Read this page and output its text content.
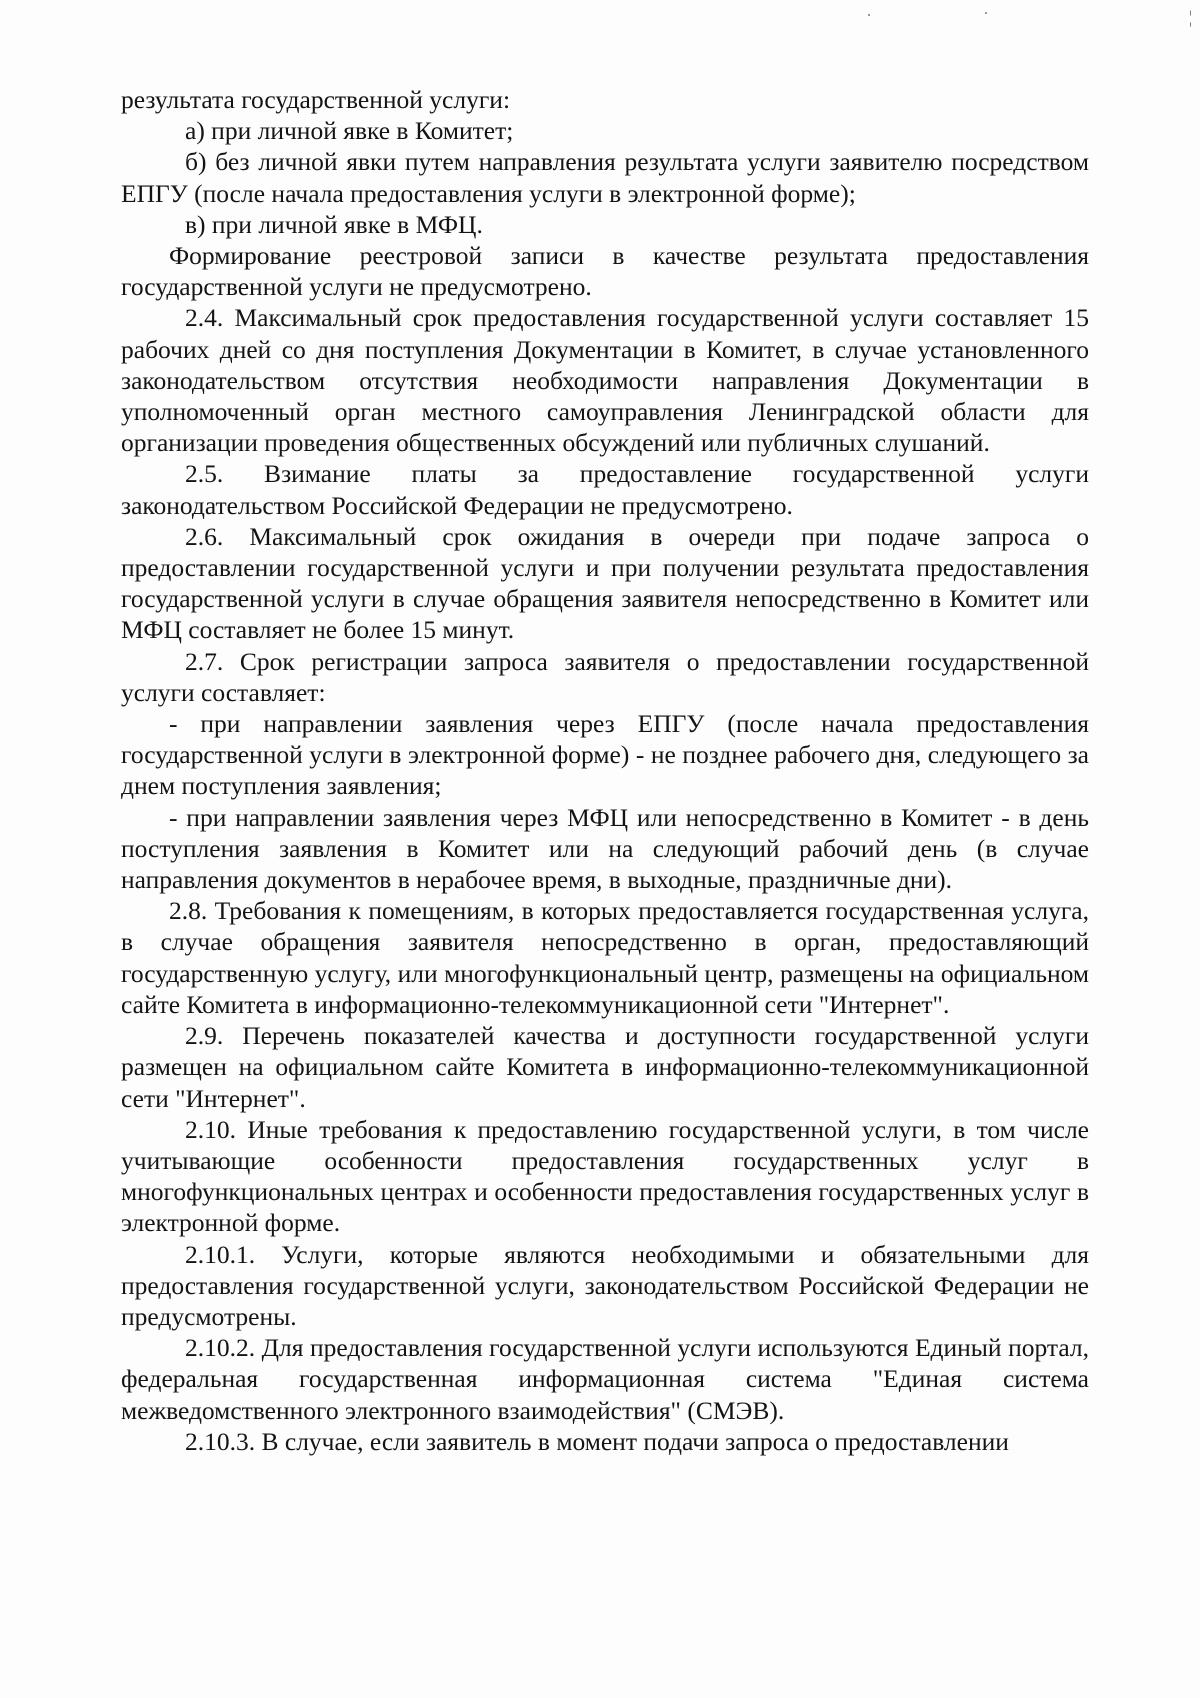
результата государственной услуги:

а) при личной явке в Комитет;

б) без личной явки путем направления результата услуги заявителю посредством ЕПГУ (после начала предоставления услуги в электронной форме);

в) при личной явке в МФЦ.

Формирование реестровой записи в качестве результата предоставления государственной услуги не предусмотрено.

2.4. Максимальный срок предоставления государственной услуги составляет 15 рабочих дней со дня поступления Документации в Комитет, в случае установленного законодательством отсутствия необходимости направления Документации в уполномоченный орган местного самоуправления Ленинградской области для организации проведения общественных обсуждений или публичных слушаний.

2.5. Взимание платы за предоставление государственной услуги законодательством Российской Федерации не предусмотрено.

2.6. Максимальный срок ожидания в очереди при подаче запроса о предоставлении государственной услуги и при получении результата предоставления государственной услуги в случае обращения заявителя непосредственно в Комитет или МФЦ составляет не более 15 минут.

2.7. Срок регистрации запроса заявителя о предоставлении государственной услуги составляет:

- при направлении заявления через ЕПГУ (после начала предоставления государственной услуги в электронной форме) - не позднее рабочего дня, следующего за днем поступления заявления;

- при направлении заявления через МФЦ или непосредственно в Комитет - в день поступления заявления в Комитет или на следующий рабочий день (в случае направления документов в нерабочее время, в выходные, праздничные дни).

2.8. Требования к помещениям, в которых предоставляется государственная услуга, в случае обращения заявителя непосредственно в орган, предоставляющий государственную услугу, или многофункциональный центр, размещены на официальном сайте Комитета в информационно-телекоммуникационной сети "Интернет".

2.9. Перечень показателей качества и доступности государственной услуги размещен на официальном сайте Комитета в информационно-телекоммуникационной сети "Интернет".

2.10. Иные требования к предоставлению государственной услуги, в том числе учитывающие особенности предоставления государственных услуг в многофункциональных центрах и особенности предоставления государственных услуг в электронной форме.

2.10.1. Услуги, которые являются необходимыми и обязательными для предоставления государственной услуги, законодательством Российской Федерации не предусмотрены.

2.10.2. Для предоставления государственной услуги используются Единый портал, федеральная государственная информационная система "Единая система межведомственного электронного взаимодействия" (СМЭВ).

2.10.3. В случае, если заявитель в момент подачи запроса о предоставлении
